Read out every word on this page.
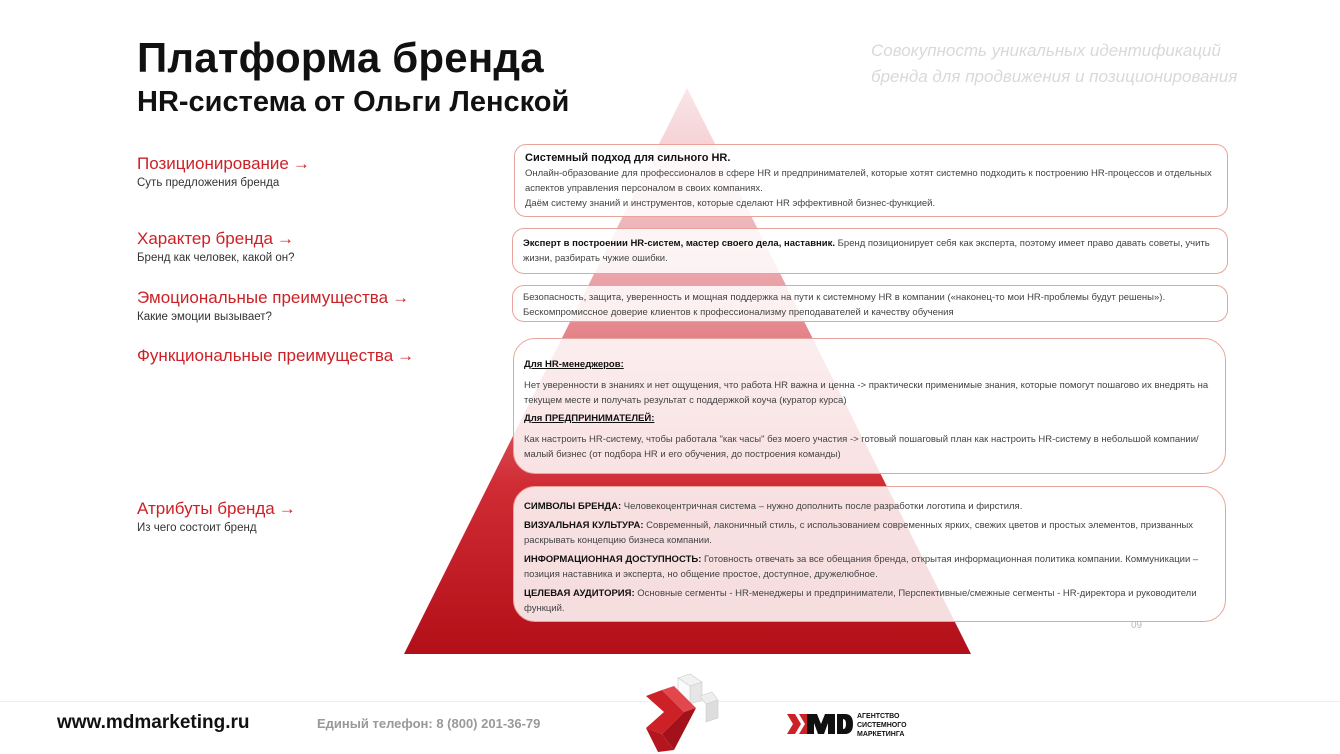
Платформа бренда
HR-система от Ольги Ленской
Совокупность уникальных идентификаций бренда для продвижения и позиционирования
Позиционирование →
Суть предложения бренда
Характер бренда →
Бренд как человек, какой он?
Эмоциональные преимущества →
Какие эмоции вызывает?
Функциональные преимущества →
Атрибуты бренда →
Из чего состоит бренд
Системный подход для сильного HR.
Онлайн-образование для профессионалов в сфере HR и предпринимателей, которые хотят системно подходить к построению HR-процессов и отдельных аспектов управления персоналом в своих компаниях.
Даём систему знаний и инструментов, которые сделают HR эффективной бизнес-функцией.
Эксперт в построении HR-систем, мастер своего дела, наставник. Бренд позиционирует себя как эксперта, поэтому имеет право давать советы, учить жизни, разбирать чужие ошибки.
Безопасность, защита, уверенность и мощная поддержка на пути к системному HR в компании («наконец-то мои HR-проблемы будут решены»).
Бескомпромиссное доверие клиентов к профессионализму преподавателей и качеству обучения
Для HR-менеджеров:
Нет уверенности в знаниях и нет ощущения, что работа HR важна и ценна -> практически применимые знания, которые помогут пошагово их внедрять на текущем месте и получать результат с поддержкой коуча (куратор курса)
Для ПРЕДПРИНИМАТЕЛЕЙ:
Как настроить HR-систему, чтобы работала "как часы" без моего участия -> готовый пошаговый план как настроить HR-систему в небольшой компании/ малый бизнес (от подбора HR и его обучения, до построения команды)
СИМВОЛЫ БРЕНДА: Человекоцентричная система – нужно дополнить после разработки логотипа и фирстиля.
ВИЗУАЛЬНАЯ КУЛЬТУРА: Современный, лаконичный стиль, с использованием современных ярких, свежих цветов и простых элементов, призванных раскрывать концепцию бизнеса компании.
ИНФОРМАЦИОННАЯ ДОСТУПНОСТЬ: Готовность отвечать за все обещания бренда, открытая информационная политика компании. Коммуникации – позиция наставника и эксперта, но общение простое, доступное, дружелюбное.
ЦЕЛЕВАЯ АУДИТОРИЯ: Основные сегменты - HR-менеджеры и предприниматели, Перспективные/смежные сегменты - HR-директора и руководители функций.
09
www.mdmarketing.ru	Единый телефон: 8 (800) 201-36-79	АГЕНТСТВО
СИСТЕМНОГО
МАРКЕТИНГА
